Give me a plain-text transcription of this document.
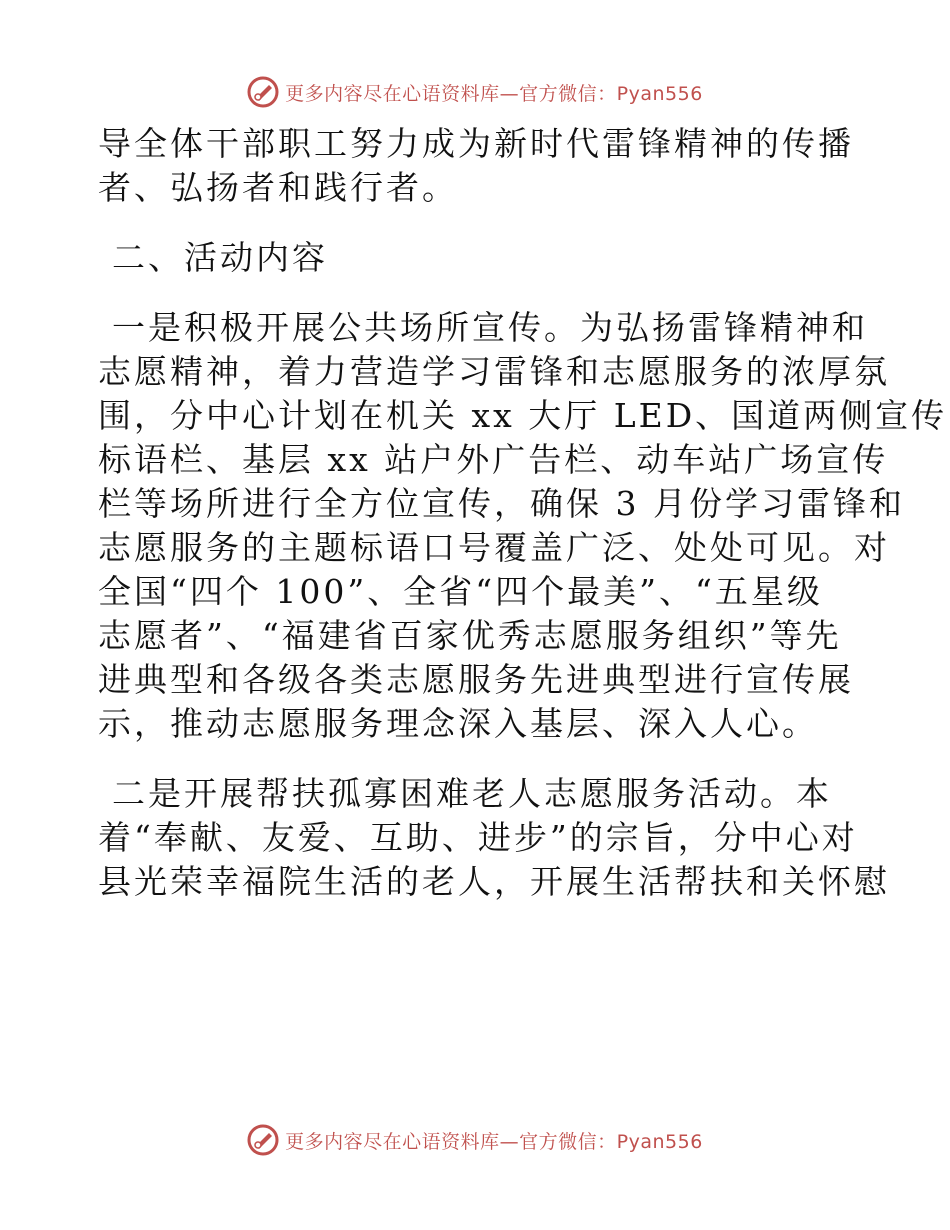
更多内容尽在心语资料库—官方微信：Pyan556
导全体干部职工努力成为新时代雷锋精神的传播
者、弘扬者和践行者。
二、活动内容
一是积极开展公共场所宣传。为弘扬雷锋精神和
志愿精神，着力营造学习雷锋和志愿服务的浓厚氛
围，分中心计划在机关 xx 大厅 LED、国道两侧宣传
标语栏、基层 xx 站户外广告栏、动车站广场宣传
栏等场所进行全方位宣传，确保 3 月份学习雷锋和
志愿服务的主题标语口号覆盖广泛、处处可见。对
全国“四个 100”、全省“四个最美”、“五星级
志愿者”、“福建省百家优秀志愿服务组织”等先
进典型和各级各类志愿服务先进典型进行宣传展
示，推动志愿服务理念深入基层、深入人心。
二是开展帮扶孤寡困难老人志愿服务活动。本
着“奉献、友爱、互助、进步”的宗旨，分中心对
县光荣幸福院生活的老人，开展生活帮扶和关怀慰
更多内容尽在心语资料库—官方微信：Pyan556
